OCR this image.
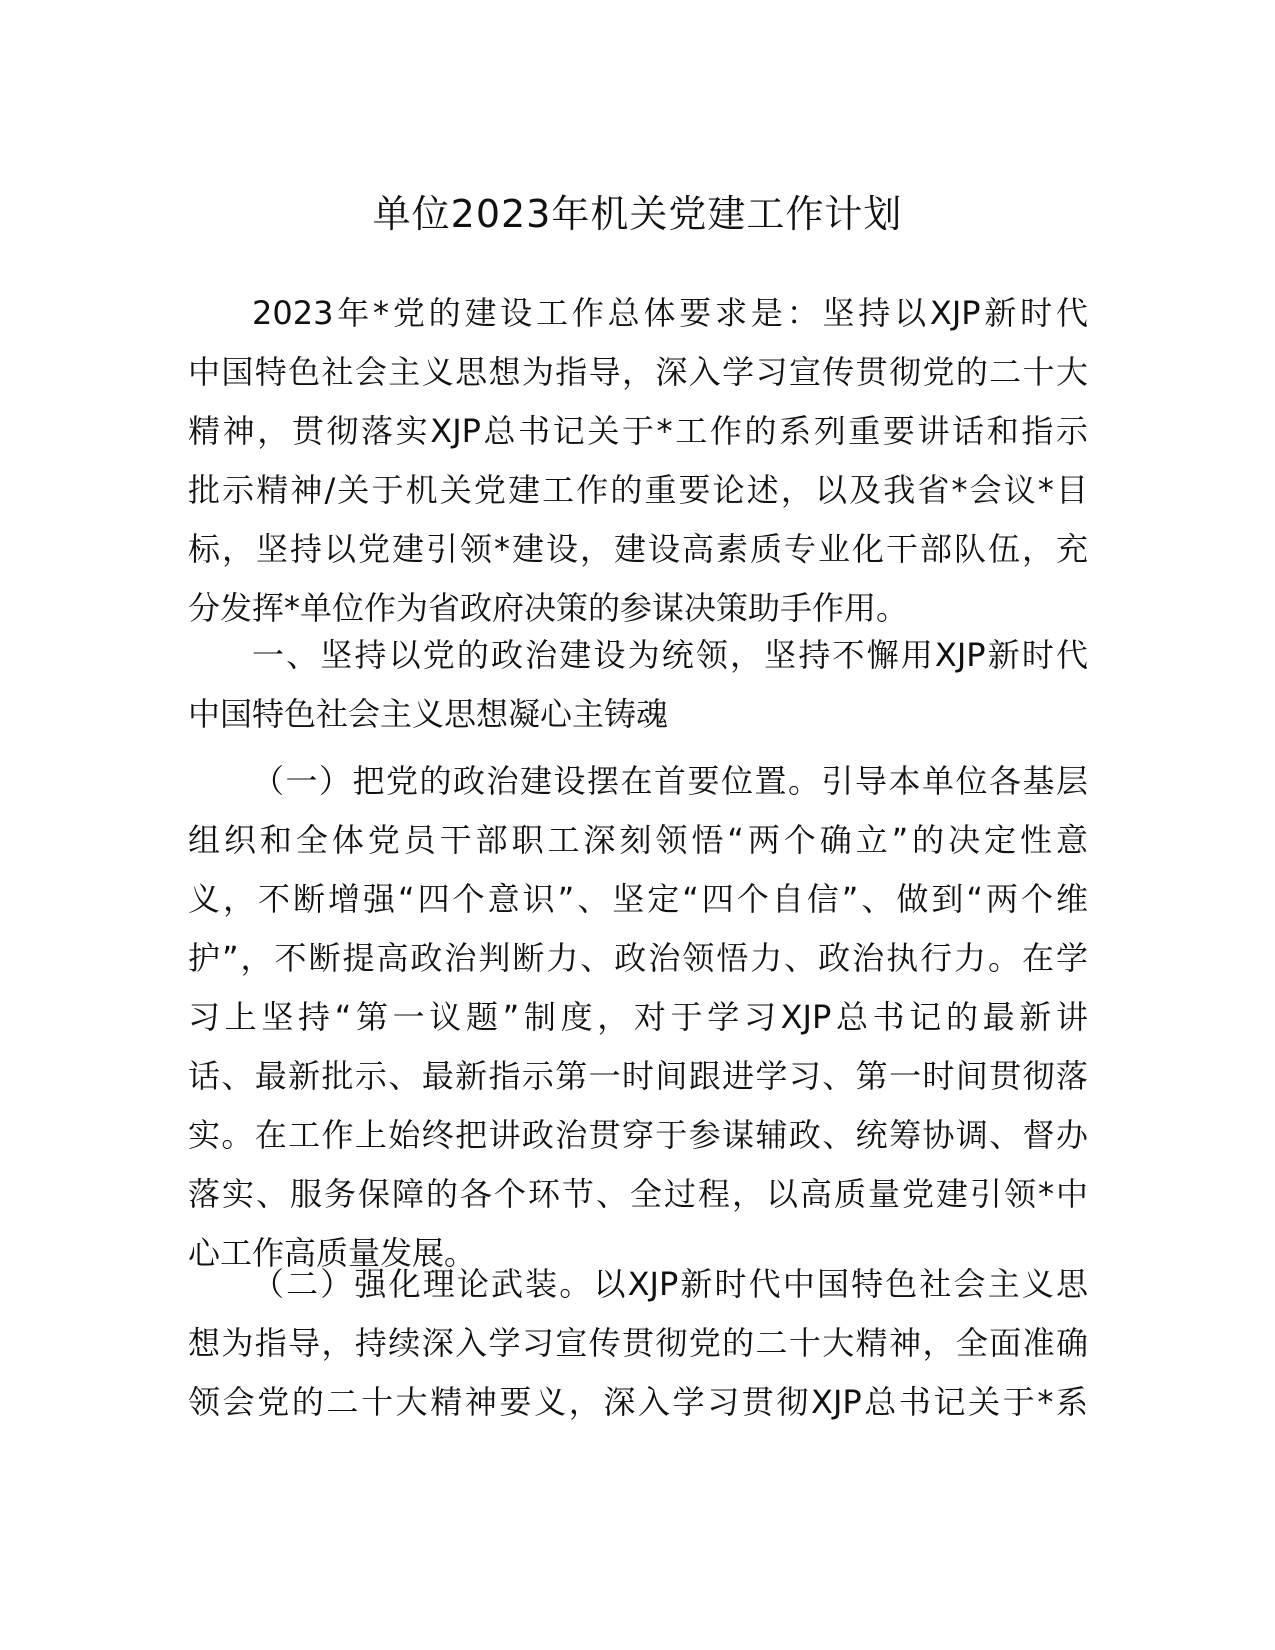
单位2023年机关党建工作计划
2023年*党的建设工作总体要求是：坚持以XJP新时代
中国特色社会主义思想为指导，深入学习宣传贯彻党的二十大
精神，贯彻落实XJP总书记关于*工作的系列重要讲话和指示
批示精神/关于机关党建工作的重要论述，以及我省*会议*目
标，坚持以党建引领*建设，建设高素质专业化干部队伍，充
分发挥*单位作为省政府决策的参谋决策助手作用。
一、坚持以党的政治建设为统领，坚持不懈用XJP新时代
中国特色社会主义思想凝心主铸魂
（一）把党的政治建设摆在首要位置。引导本单位各基层
组织和全体党员干部职工深刻领悟“两个确立”的决定性意
义，不断增强“四个意识”、坚定“四个自信”、做到“两个维
护”，不断提高政治判断力、政治领悟力、政治执行力。在学
习上坚持“第一议题”制度，对于学习XJP总书记的最新讲
话、最新批示、最新指示第一时间跟进学习、第一时间贯彻落
实。在工作上始终把讲政治贯穿于参谋辅政、统筹协调、督办
落实、服务保障的各个环节、全过程，以高质量党建引领*中
心工作高质量发展。
（二）强化理论武装。以XJP新时代中国特色社会主义思
想为指导，持续深入学习宣传贯彻党的二十大精神，全面准确
领会党的二十大精神要义，深入学习贯彻XJP总书记关于*系
